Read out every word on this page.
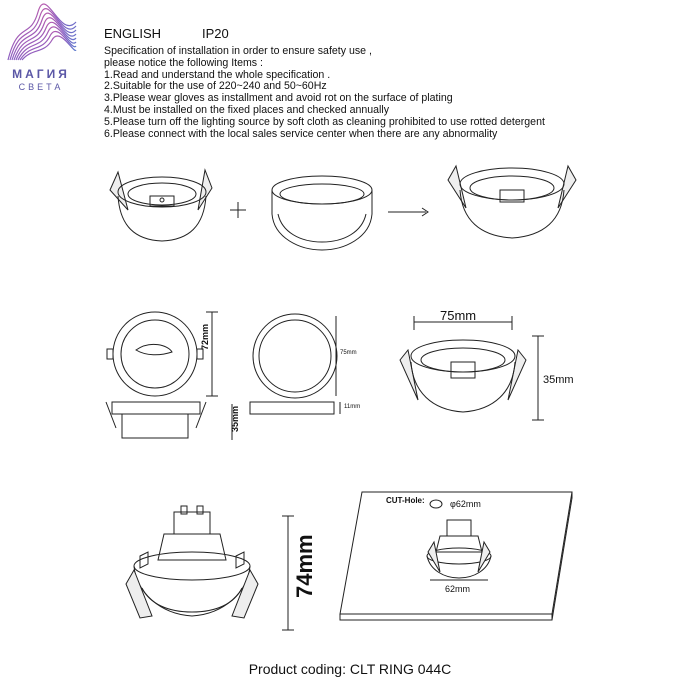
МАГИЯ
СВЕТА
ENGLISH	IP20
Specification of installation in order to ensure safety use ,
please notice the following Items :
1.Read and understand the whole specification .
2.Suitable for the use of 220~240 and 50~60Hz
3.Please wear gloves as installment and avoid rot on the surface of plating
4.Must be installed on the fixed places and checked annually
5.Please turn off the lighting source by soft cloth as cleaning prohibited to use rotted detergent
6.Please connect with the local sales service center when there are any abnormality
72mm
35mm
75mm
11mm
75mm
35mm
74mm
CUT-Hole:	φ62mm
62mm
Product coding: CLT RING 044C
